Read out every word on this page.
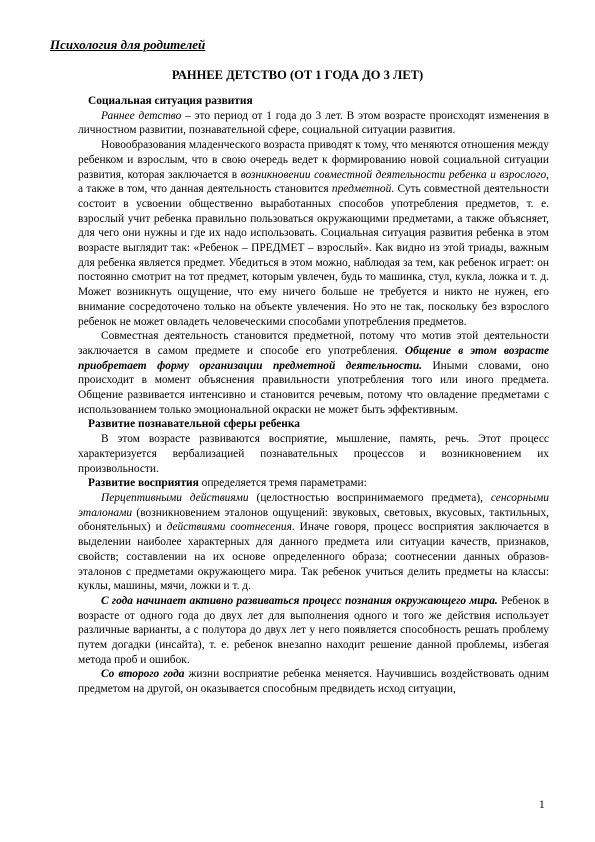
Психология для родителей
РАННЕЕ ДЕТСТВО (ОТ 1 ГОДА ДО 3 ЛЕТ)

Социальная ситуация развития

Раннее детство – это период от 1 года до 3 лет. В этом возрасте происходят изменения в личностном развитии, познавательной сфере, социальной ситуации развития.

Новообразования младенческого возраста приводят к тому, что меняются отношения между ребенком и взрослым, что в свою очередь ведет к формированию новой социальной ситуации развития, которая заключается в возникновении совместной деятельности ребенка и взрослого, а также в том, что данная деятельность становится предметной. Суть совместной деятельности состоит в усвоении общественно выработанных способов употребления предметов, т. е. взрослый учит ребенка правильно пользоваться окружающими предметами, а также объясняет, для чего они нужны и где их надо использовать. Социальная ситуация развития ребенка в этом возрасте выглядит так: «Ребенок – ПРЕДМЕТ – взрослый». Как видно из этой триады, важным для ребенка является предмет. Убедиться в этом можно, наблюдая за тем, как ребенок играет: он постоянно смотрит на тот предмет, которым увлечен, будь то машинка, стул, кукла, ложка и т. д. Может возникнуть ощущение, что ему ничего больше не требуется и никто не нужен, его внимание сосредоточено только на объекте увлечения. Но это не так, поскольку без взрослого ребенок не может овладеть человеческими способами употребления предметов.

Совместная деятельность становится предметной, потому что мотив этой деятельности заключается в самом предмете и способе его употребления. Общение в этом возрасте приобретает форму организации предметной деятельности. Иными словами, оно происходит в момент объяснения правильности употребления того или иного предмета. Общение развивается интенсивно и становится речевым, потому что овладение предметами с использованием только эмоциональной окраски не может быть эффективным.

Развитие познавательной сферы ребенка

В этом возрасте развиваются восприятие, мышление, память, речь. Этот процесс характеризуется вербализацией познавательных процессов и возникновением их произвольности.

Развитие восприятия определяется тремя параметрами:

Перцептивными действиями (целостностью воспринимаемого предмета), сенсорными эталонами (возникновением эталонов ощущений: звуковых, световых, вкусовых, тактильных, обонятельных) и действиями соотнесения. Иначе говоря, процесс восприятия заключается в выделении наиболее характерных для данного предмета или ситуации качеств, признаков, свойств; составлении на их основе определенного образа; соотнесении данных образов-эталонов с предметами окружающего мира. Так ребенок учиться делить предметы на классы: куклы, машины, мячи, ложки и т. д.

С года начинает активно развиваться процесс познания окружающего мира. Ребенок в возрасте от одного года до двух лет для выполнения одного и того же действия использует различные варианты, а с полутора до двух лет у него появляется способность решать проблему путем догадки (инсайта), т. е. ребенок внезапно находит решение данной проблемы, избегая метода проб и ошибок.

Со второго года жизни восприятие ребенка меняется. Научившись воздействовать одним предметом на другой, он оказывается способным предвидеть исход ситуации,

1
